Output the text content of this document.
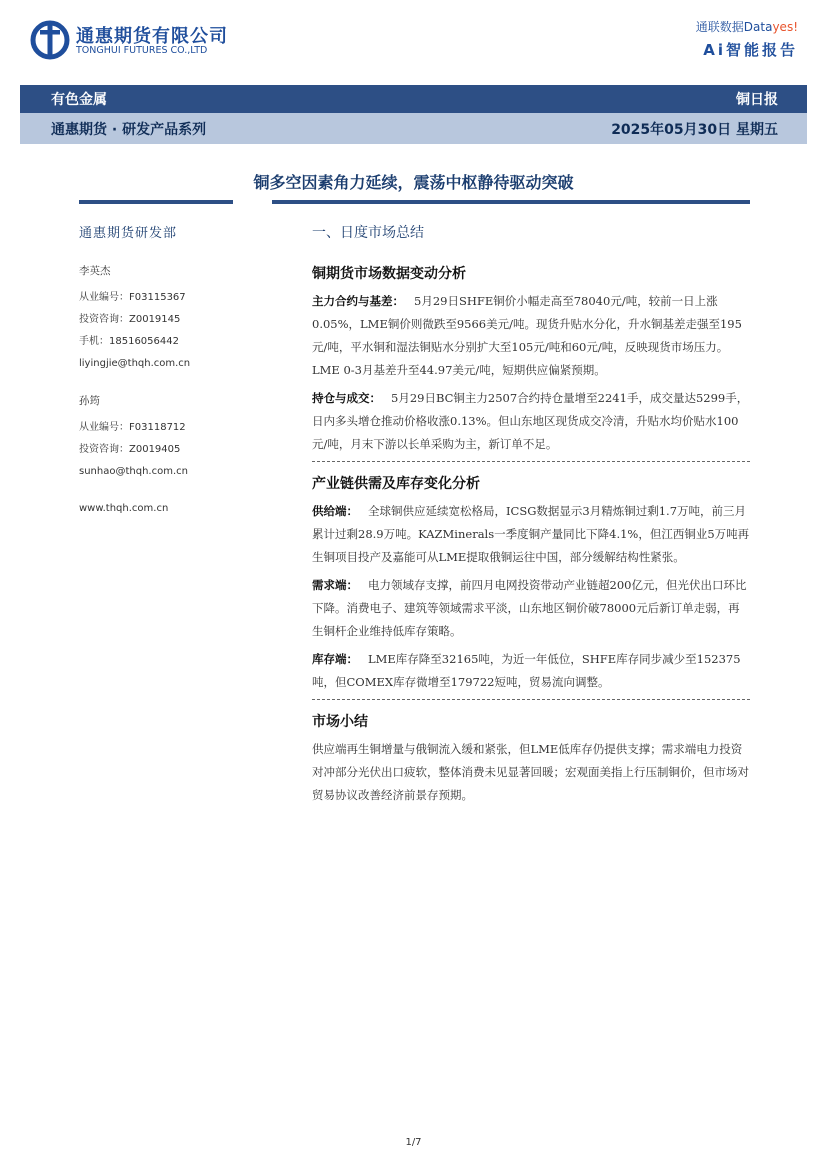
通惠期货有限公司
TONGHUI FUTURES CO.,LTD
通联数据Datayes!
Ai智能报告
有色金属	铜日报
通惠期货 · 研发产品系列	2025年05月30日 星期五
铜多空因素角力延续，震荡中枢静待驱动突破
通惠期货研发部
李英杰
从业编号：F03115367
投资咨询：Z0019145
手机：18516056442
liyingjie@thqh.com.cn
孙筠
从业编号：F03118712
投资咨询：Z0019405
sunhao@thqh.com.cn
www.thqh.com.cn
一、日度市场总结
铜期货市场数据变动分析

主力合约与基差： 5月29日SHFE铜价小幅走高至78040元/吨，较前一日上涨0.05%，LME铜价则微跌至9566美元/吨。现货升贴水分化，升水铜基差走强至195元/吨，平水铜和湿法铜贴水分别扩大至105元/吨和60元/吨，反映现货市场压力。LME 0-3月基差升至44.97美元/吨，短期供应偏紧预期。

持仓与成交： 5月29日BC铜主力2507合约持仓量增至2241手，成交量达5299手，日内多头增仓推动价格收涨0.13%。但山东地区现货成交冷清，升贴水均价贴水100元/吨，月末下游以长单采购为主，新订单不足。

产业链供需及库存变化分析

供给端： 全球铜供应延续宽松格局，ICSG数据显示3月精炼铜过剩1.7万吨，前三月累计过剩28.9万吨。KAZMinerals一季度铜产量同比下降4.1%，但江西铜业5万吨再生铜项目投产及嘉能可从LME提取俄铜运往中国，部分缓解结构性紧张。

需求端： 电力领域存支撑，前四月电网投资带动产业链超200亿元，但光伏出口环比下降。消费电子、建筑等领域需求平淡，山东地区铜价破78000元后新订单走弱，再生铜杆企业维持低库存策略。

库存端： LME库存降至32165吨，为近一年低位，SHFE库存同步减少至152375吨，但COMEX库存微增至179722短吨，贸易流向调整。

市场小结

供应端再生铜增量与俄铜流入缓和紧张，但LME低库存仍提供支撑；需求端电力投资对冲部分光伏出口疲软，整体消费未见显著回暖；宏观面美指上行压制铜价，但市场对贸易协议改善经济前景存预期。

1/7
